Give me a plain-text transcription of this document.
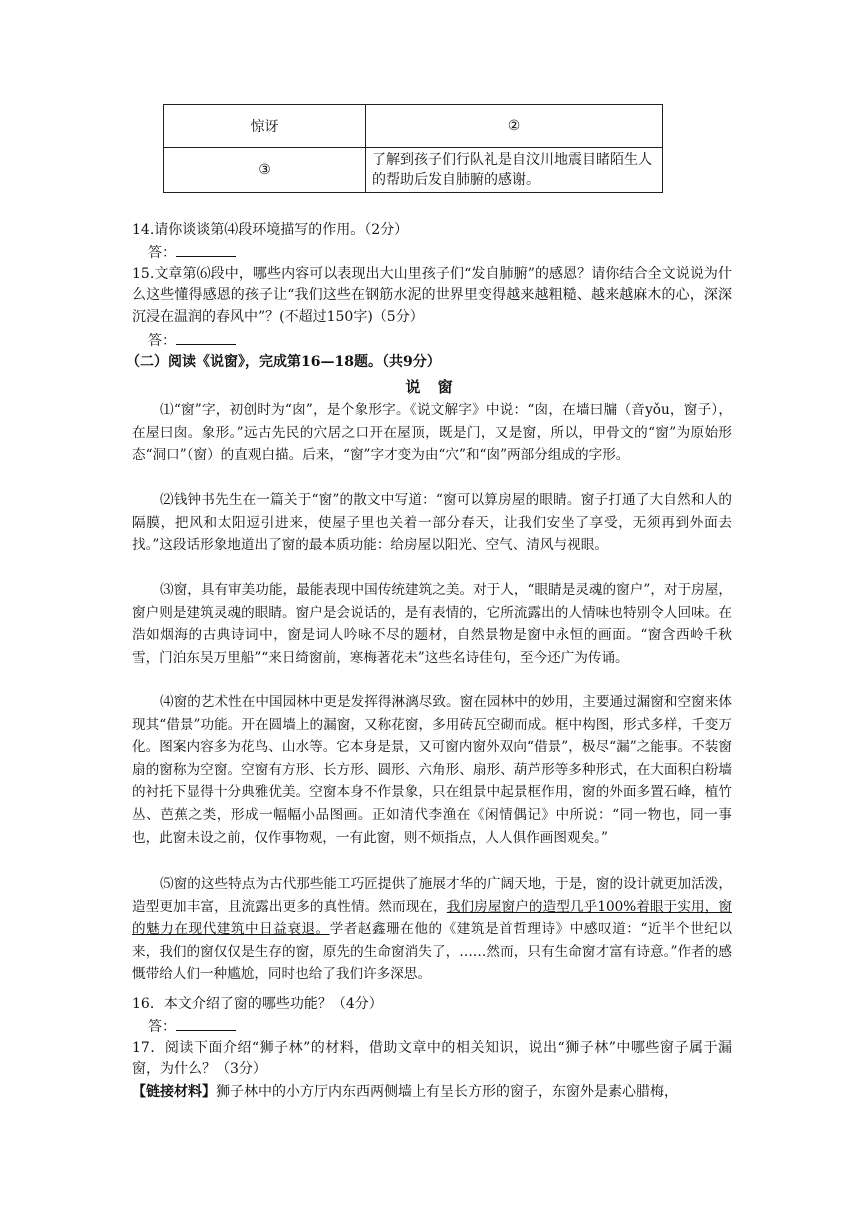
惊讶	②
③	了解到孩子们行队礼是自汶川地震目睹陌生人的帮助后发自肺腑的感谢。
14.请你谈谈第⑷段环境描写的作用。（2分）
答：
15.文章第⑹段中，哪些内容可以表现出大山里孩子们“发自肺腑”的感恩？请你结合全文说说为什么这些懂得感恩的孩子让“我们这些在钢筋水泥的世界里变得越来越粗糙、越来越麻木的心，深深沉浸在温润的春风中”？(不超过150字)（5分）
答：
（二）阅读《说窗》，完成第16—18题。（共9分）
说 窗
⑴“窗”字，初创时为“囱”，是个象形字。《说文解字》中说：“囱，在墙曰牖（音yǒu，窗子），在屋曰囱。象形。”远古先民的穴居之口开在屋顶，既是门，又是窗，所以，甲骨文的“窗”为原始形态“洞口”（窗）的直观白描。后来，“窗”字才变为由“穴”和“囱”两部分组成的字形。
⑵钱钟书先生在一篇关于“窗”的散文中写道：“窗可以算房屋的眼睛。窗子打通了大自然和人的隔膜，把风和太阳逗引进来，使屋子里也关着一部分春天，让我们安坐了享受，无须再到外面去找。”这段话形象地道出了窗的最本质功能：给房屋以阳光、空气、清风与视眼。
⑶窗，具有审美功能，最能表现中国传统建筑之美。对于人，“眼睛是灵魂的窗户”，对于房屋，窗户则是建筑灵魂的眼睛。窗户是会说话的，是有表情的，它所流露出的人情味也特别令人回味。在浩如烟海的古典诗词中，窗是词人吟咏不尽的题材，自然景物是窗中永恒的画面。“窗含西岭千秋雪，门泊东吴万里船”“来日绮窗前，寒梅著花未”这些名诗佳句，至今还广为传诵。
⑷窗的艺术性在中国园林中更是发挥得淋漓尽致。窗在园林中的妙用，主要通过漏窗和空窗来体现其“借景”功能。开在圆墙上的漏窗，又称花窗，多用砖瓦空砌而成。框中构图，形式多样，千变万化。图案内容多为花鸟、山水等。它本身是景，又可窗内窗外双向“借景”，极尽“漏”之能事。不装窗扇的窗称为空窗。空窗有方形、长方形、圆形、六角形、扇形、葫芦形等多种形式，在大面积白粉墙的衬托下显得十分典雅优美。空窗本身不作景象，只在组景中起景框作用，窗的外面多置石峰，植竹丛、芭蕉之类，形成一幅幅小品图画。正如清代李渔在《闲情偶记》中所说：“同一物也，同一事也，此窗未设之前，仅作事物观，一有此窗，则不烦指点，人人俱作画图观矣。”
⑸窗的这些特点为古代那些能工巧匠提供了施展才华的广阔天地，于是，窗的设计就更加活泼，造型更加丰富，且流露出更多的真性情。然而现在，我们房屋窗户的造型几乎100%着眼于实用，窗的魅力在现代建筑中日益衰退。学者赵鑫珊在他的《建筑是首哲理诗》中感叹道：“近半个世纪以来，我们的窗仅仅是生存的窗，原先的生命窗消失了，……然而，只有生命窗才富有诗意。”作者的感慨带给人们一种尴尬，同时也给了我们许多深思。
16．本文介绍了窗的哪些功能？（4分）
答：
17．阅读下面介绍“狮子林”的材料，借助文章中的相关知识，说出“狮子林”中哪些窗子属于漏窗，为什么？（3分）
【链接材料】狮子林中的小方厅内东西两侧墙上有呈长方形的窗子，东窗外是素心腊梅，
